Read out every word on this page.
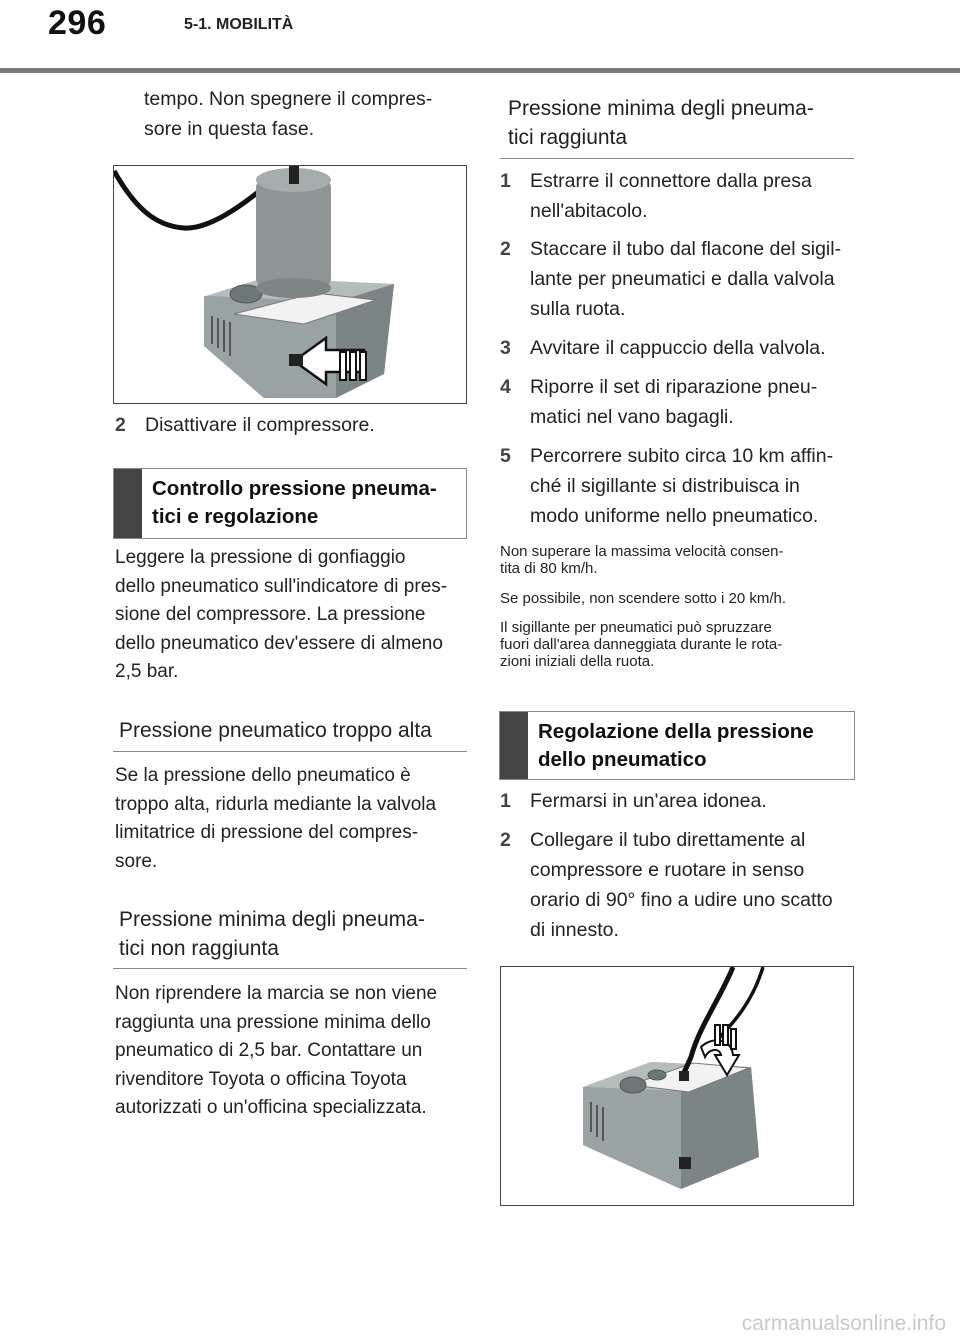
296	5-1. MOBILITÀ
tempo. Non spegnere il compres-
sore in questa fase.
2 Disattivare il compressore.
Controllo pressione pneuma-
tici e regolazione
Leggere la pressione di gonfiaggio
dello pneumatico sull'indicatore di pres-
sione del compressore. La pressione
dello pneumatico dev'essere di almeno
2,5 bar.
Pressione pneumatico troppo alta
Se la pressione dello pneumatico è
troppo alta, ridurla mediante la valvola
limitatrice di pressione del compres-
sore.
Pressione minima degli pneuma-
tici non raggiunta
Non riprendere la marcia se non viene
raggiunta una pressione minima dello
pneumatico di 2,5 bar. Contattare un
rivenditore Toyota o officina Toyota
autorizzati o un'officina specializzata.
Pressione minima degli pneuma-
tici raggiunta
1 Estrarre il connettore dalla presa
nell'abitacolo.
2 Staccare il tubo dal flacone del sigil-
lante per pneumatici e dalla valvola
sulla ruota.
3 Avvitare il cappuccio della valvola.
4 Riporre il set di riparazione pneu-
matici nel vano bagagli.
5 Percorrere subito circa 10 km affin-
ché il sigillante si distribuisca in
modo uniforme nello pneumatico.
Non superare la massima velocità consen-
tita di 80 km/h.
Se possibile, non scendere sotto i 20 km/h.
Il sigillante per pneumatici può spruzzare
fuori dall'area danneggiata durante le rota-
zioni iniziali della ruota.
Regolazione della pressione
dello pneumatico
1 Fermarsi in un'area idonea.
2 Collegare il tubo direttamente al
compressore e ruotare in senso
orario di 90° fino a udire uno scatto
di innesto.
carmanualsonline.info
